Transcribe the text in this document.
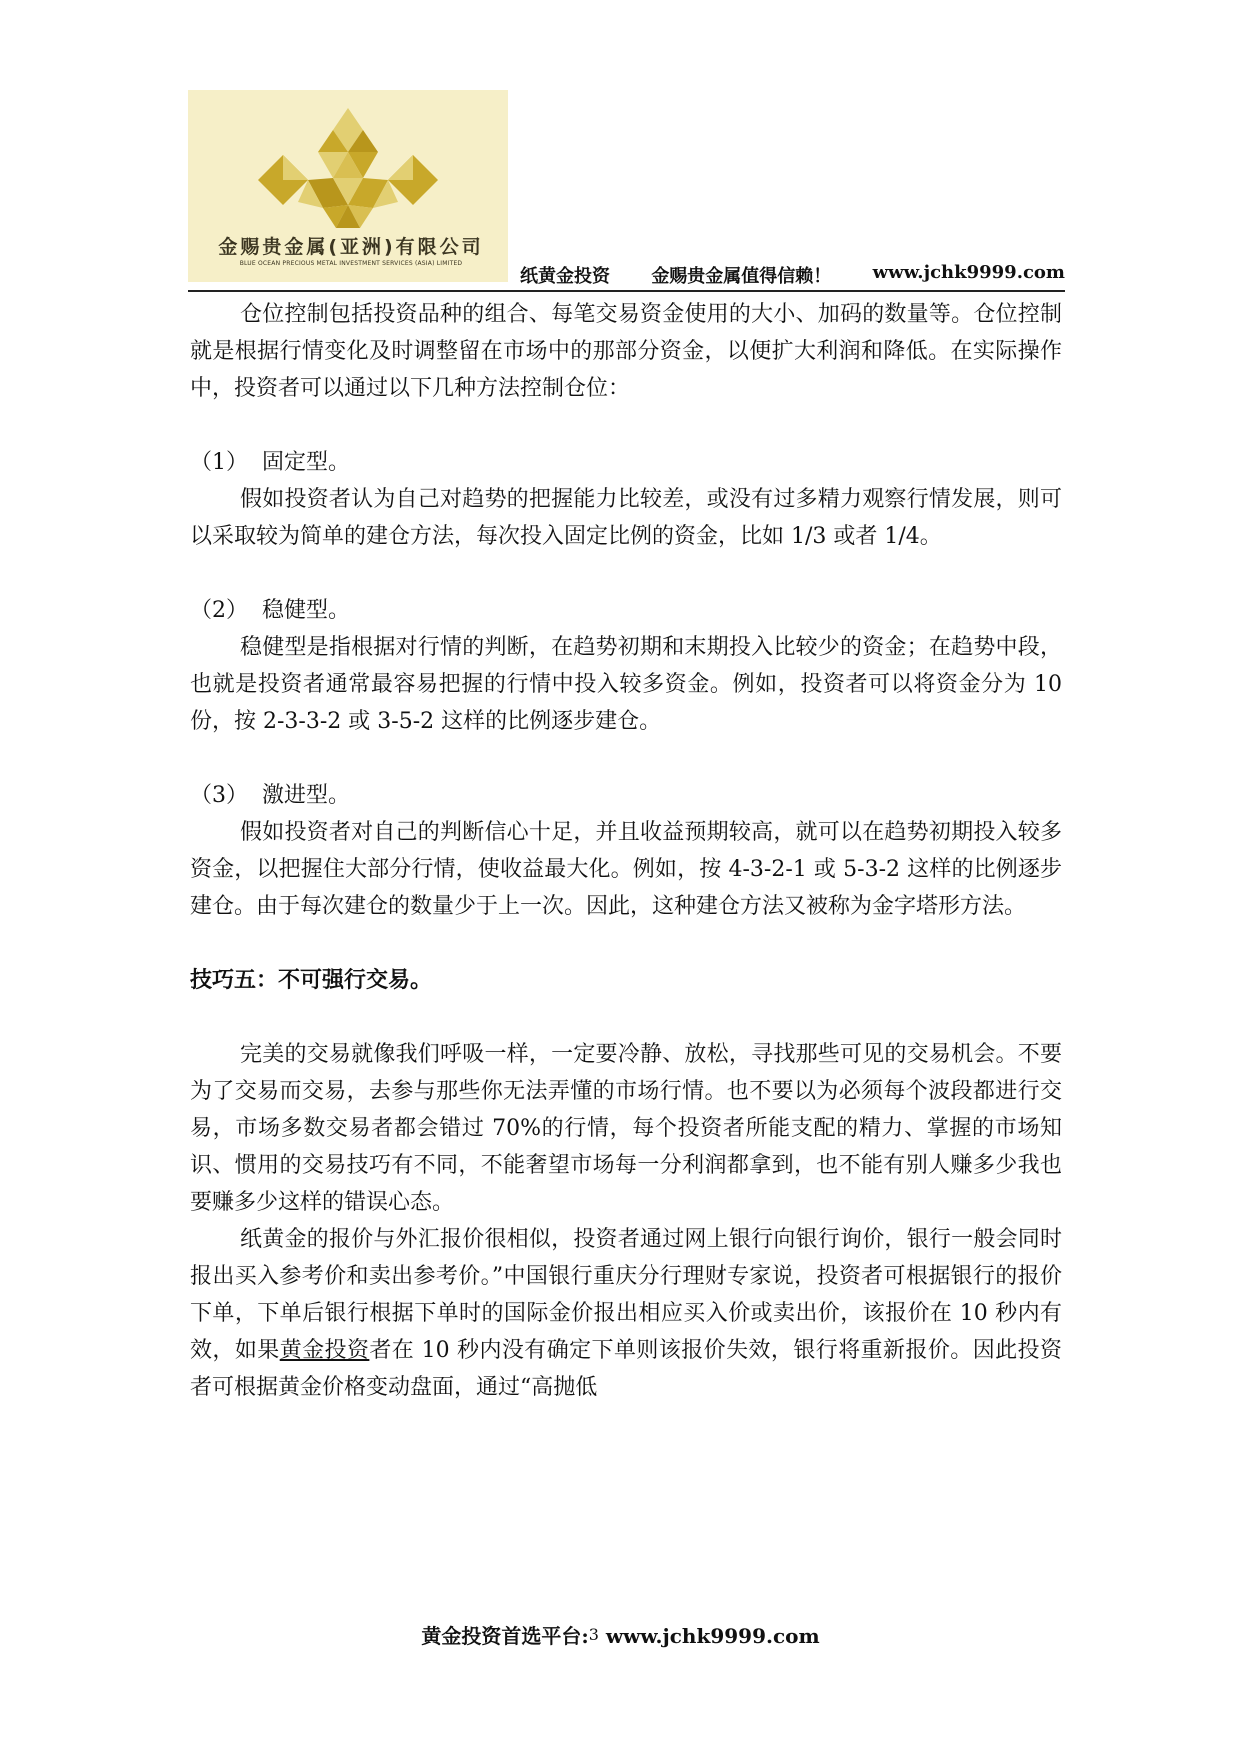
金赐贵金属(亚洲)有限公司
BLUE OCEAN PRECIOUS METAL INVESTMENT SERVICES (ASIA) LIMITED
纸黄金投资 金赐贵金属值得信赖！ www.jchk9999.com

仓位控制包括投资品种的组合、每笔交易资金使用的大小、加码的数量等。仓位控制就是根据行情变化及时调整留在市场中的那部分资金，以便扩大利润和降低。在实际操作中，投资者可以通过以下几种方法控制仓位：

（1） 固定型。

假如投资者认为自己对趋势的把握能力比较差，或没有过多精力观察行情发展，则可以采取较为简单的建仓方法，每次投入固定比例的资金，比如 1/3 或者 1/4。

（2） 稳健型。

稳健型是指根据对行情的判断，在趋势初期和末期投入比较少的资金；在趋势中段，也就是投资者通常最容易把握的行情中投入较多资金。例如，投资者可以将资金分为 10 份，按 2-3-3-2 或 3-5-2 这样的比例逐步建仓。

（3） 激进型。

假如投资者对自己的判断信心十足，并且收益预期较高，就可以在趋势初期投入较多资金，以把握住大部分行情，使收益最大化。例如，按 4-3-2-1 或 5-3-2 这样的比例逐步建仓。由于每次建仓的数量少于上一次。因此，这种建仓方法又被称为金字塔形方法。

技巧五：不可强行交易。

完美的交易就像我们呼吸一样，一定要冷静、放松，寻找那些可见的交易机会。不要为了交易而交易，去参与那些你无法弄懂的市场行情。也不要以为必须每个波段都进行交易，市场多数交易者都会错过 70%的行情，每个投资者所能支配的精力、掌握的市场知识、惯用的交易技巧有不同，不能奢望市场每一分利润都拿到，也不能有别人赚多少我也要赚多少这样的错误心态。

纸黄金的报价与外汇报价很相似，投资者通过网上银行向银行询价，银行一般会同时报出买入参考价和卖出参考价。”中国银行重庆分行理财专家说，投资者可根据银行的报价下单，下单后银行根据下单时的国际金价报出相应买入价或卖出价，该报价在 10 秒内有效，如果黄金投资者在 10 秒内没有确定下单则该报价失效，银行将重新报价。因此投资者可根据黄金价格变动盘面，通过“高抛低

黄金投资首选平台:3 www.jchk9999.com
